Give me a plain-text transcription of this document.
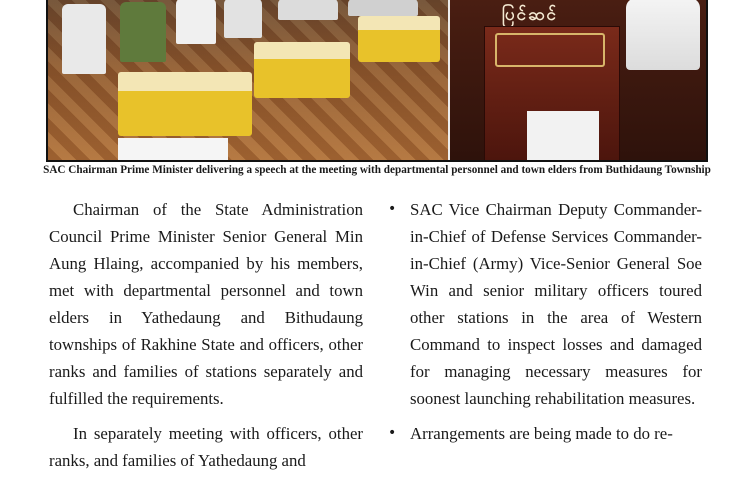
ပြင်ဆင်
SAC Chairman Prime Minister delivering a speech at the meeting with departmental personnel and town elders from Buthidaung Township

Chairman of the State Administration Council Prime Minister Senior General Min Aung Hlaing, accompanied by his members, met with departmental personnel and town elders in Yathedaung and Bithudaung townships of Rakhine State and officers, other ranks and families of stations separately and fulfilled the requirements.

In separately meeting with officers, other ranks, and families of Yathedaung and

• SAC Vice Chairman Deputy Commander-in-Chief of Defense Services Commander-in-Chief (Army) Vice-Senior General Soe Win and senior military officers toured other stations in the area of Western Command to inspect losses and damaged for managing necessary measures for soonest launching rehabilitation measures.
• Arrangements are being made to do re-
